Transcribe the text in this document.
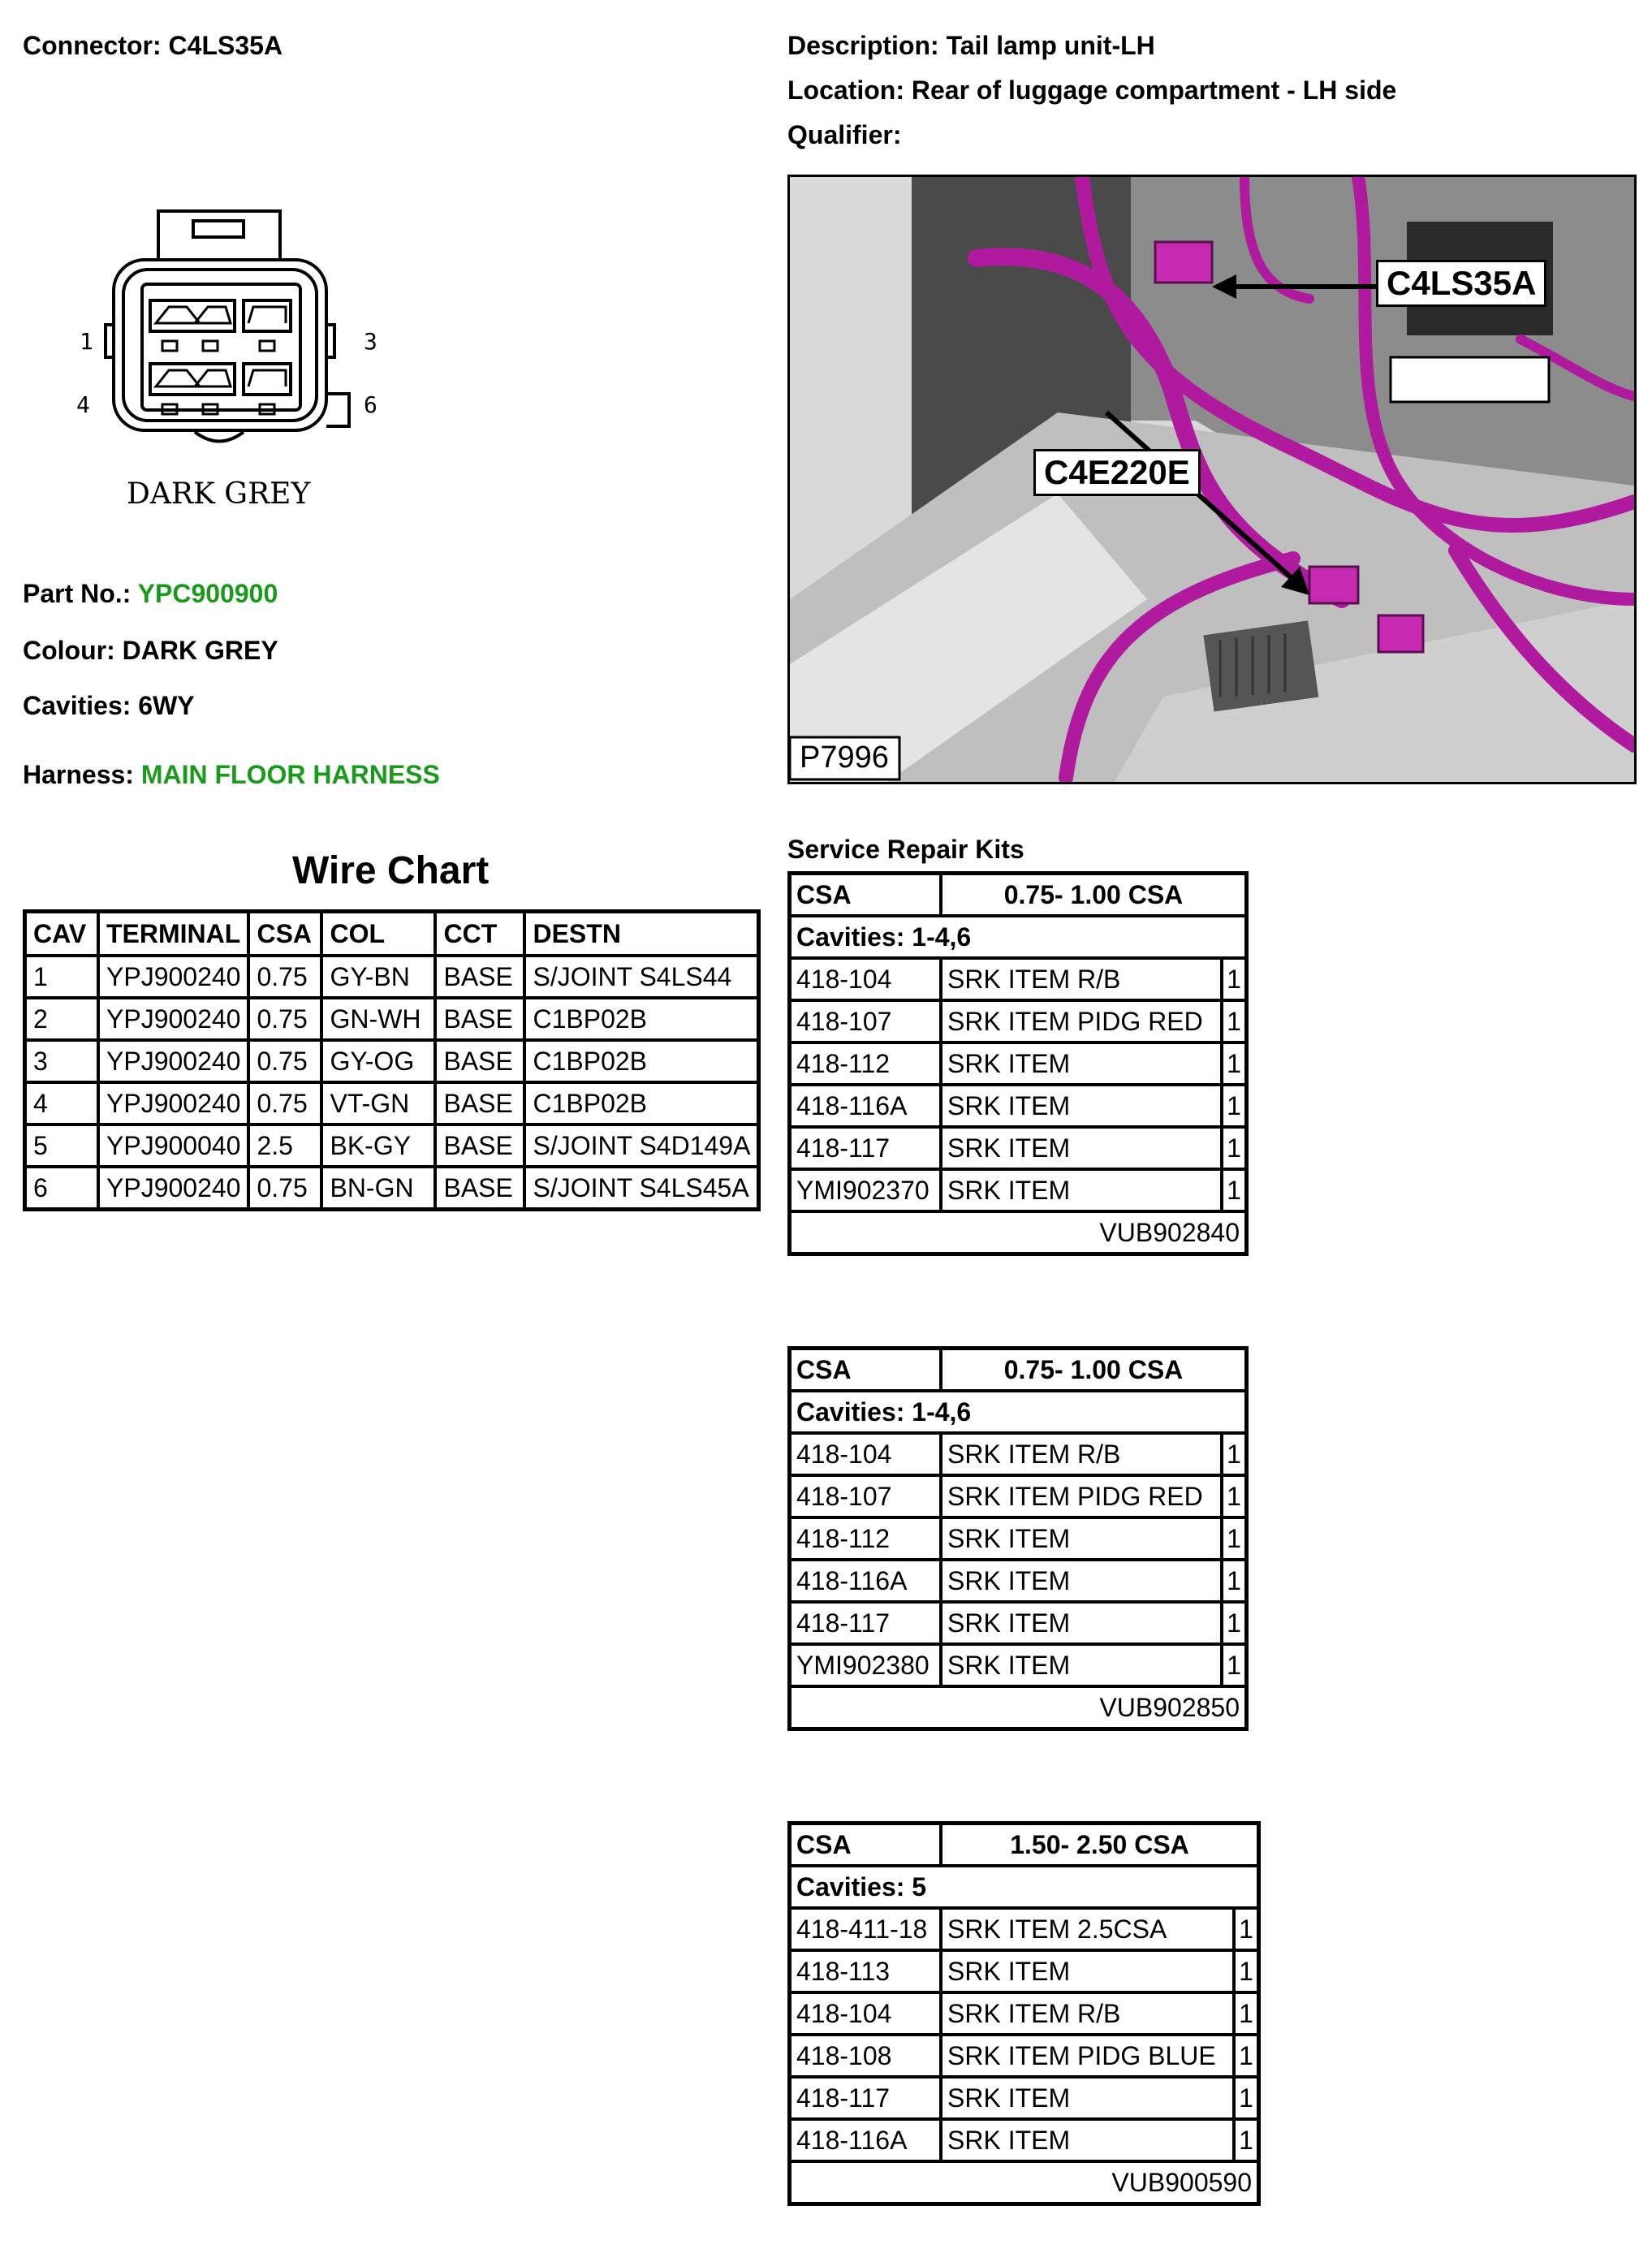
Connector: C4LS35A	Description: Tail lamp unit-LH
Location: Rear of luggage compartment - LH side
Qualifier:
1	3
4	6
DARK GREY
C4LS35A
C4E220E
P7996
Part No.: YPC900900
Colour: DARK GREY
Cavities: 6WY
Harness: MAIN FLOOR HARNESS
Wire Chart
CAV	TERMINAL	CSA	COL	CCT	DESTN
1	YPJ900240	0.75	GY-BN	BASE	S/JOINT S4LS44
2	YPJ900240	0.75	GN-WH	BASE	C1BP02B
3	YPJ900240	0.75	GY-OG	BASE	C1BP02B
4	YPJ900240	0.75	VT-GN	BASE	C1BP02B
5	YPJ900040	2.5	BK-GY	BASE	S/JOINT S4D149A
6	YPJ900240	0.75	BN-GN	BASE	S/JOINT S4LS45A
Service Repair Kits
CSA	0.75- 1.00 CSA	
Cavities: 1-4,6		
418-104	SRK ITEM R/B	1
418-107	SRK ITEM PIDG RED	1
418-112	SRK ITEM	1
418-116A	SRK ITEM	1
418-117	SRK ITEM	1
YMI902370	SRK ITEM	1
VUB902840		
CSA	0.75- 1.00 CSA	
Cavities: 1-4,6		
418-104	SRK ITEM R/B	1
418-107	SRK ITEM PIDG RED	1
418-112	SRK ITEM	1
418-116A	SRK ITEM	1
418-117	SRK ITEM	1
YMI902380	SRK ITEM	1
VUB902850		
CSA	1.50- 2.50 CSA	
Cavities: 5		
418-411-18	SRK ITEM 2.5CSA	1
418-113	SRK ITEM	1
418-104	SRK ITEM R/B	1
418-108	SRK ITEM PIDG BLUE	1
418-117	SRK ITEM	1
418-116A	SRK ITEM	1
VUB900590		
